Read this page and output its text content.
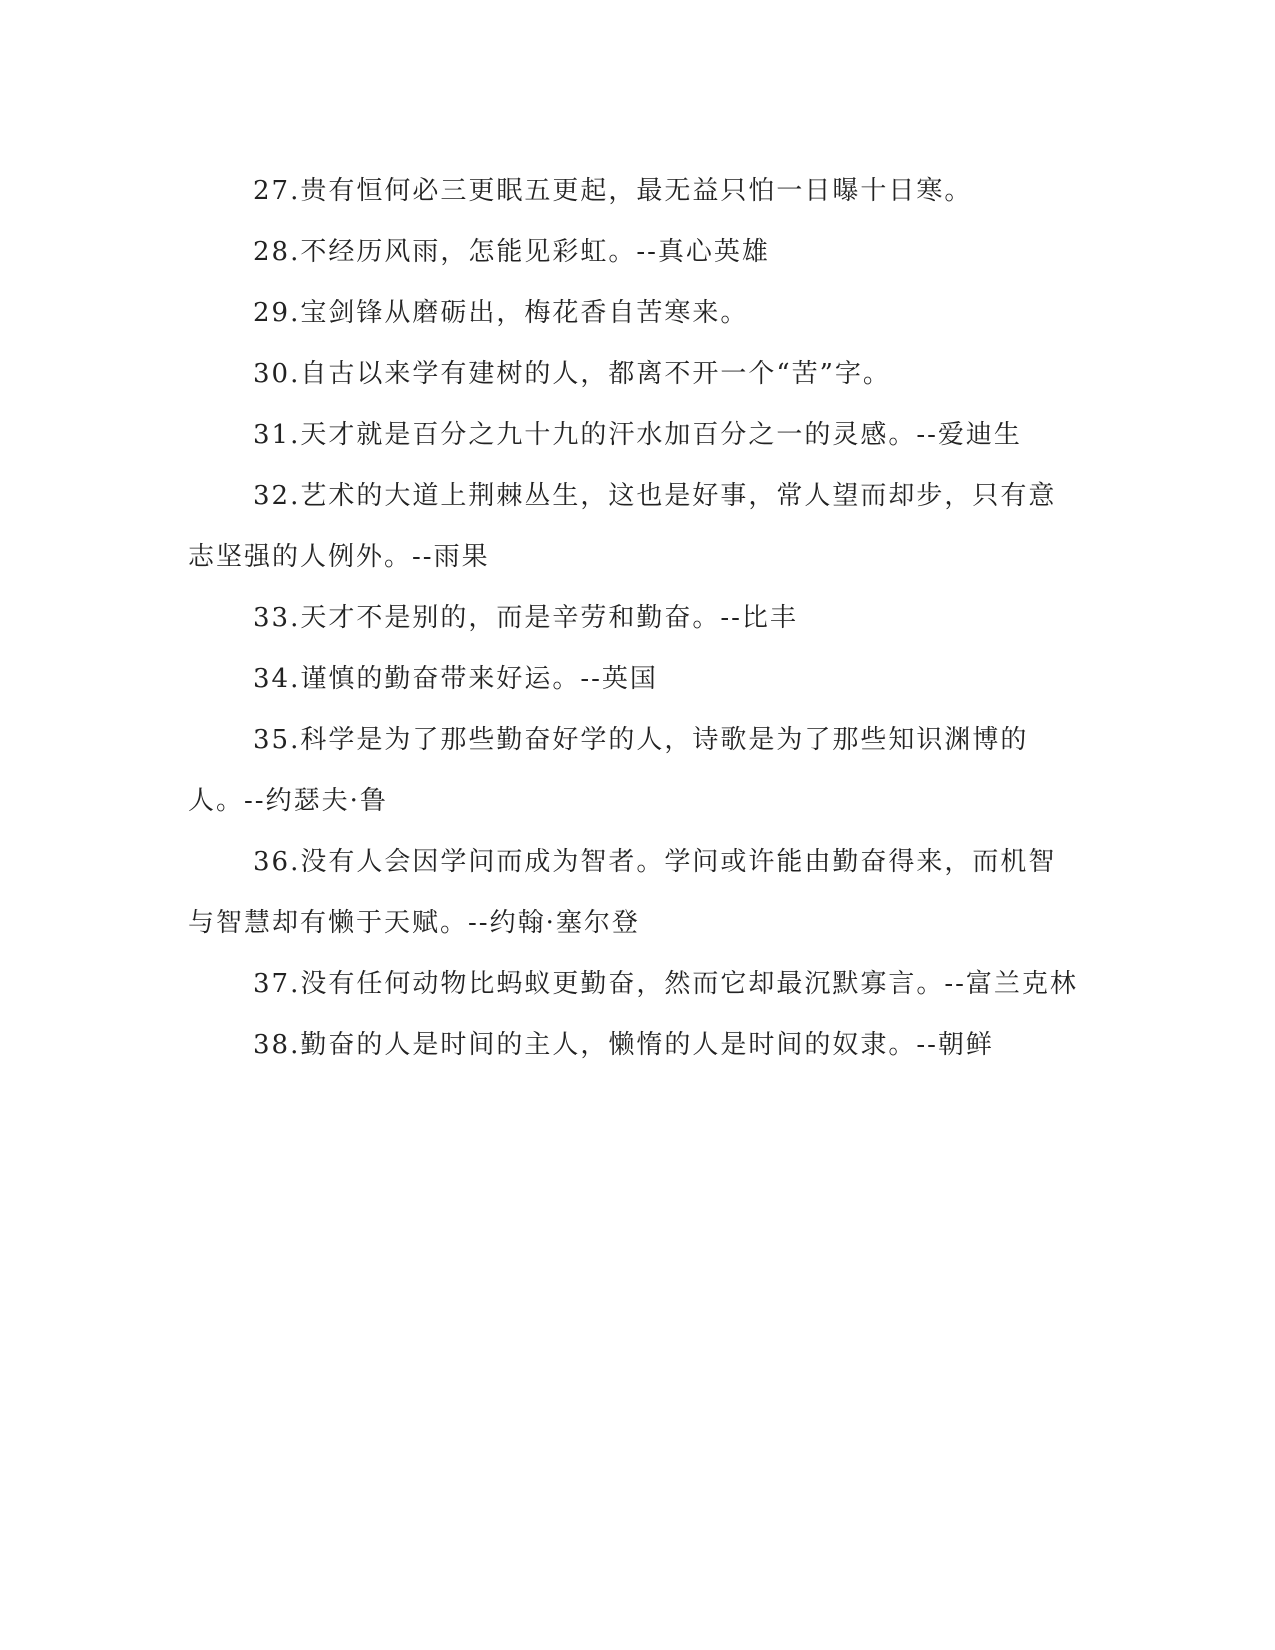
27.贵有恒何必三更眠五更起，最无益只怕一日曝十日寒。

28.不经历风雨，怎能见彩虹。--真心英雄

29.宝剑锋从磨砺出，梅花香自苦寒来。

30.自古以来学有建树的人，都离不开一个“苦”字。

31.天才就是百分之九十九的汗水加百分之一的灵感。--爱迪生

32.艺术的大道上荆棘丛生，这也是好事，常人望而却步，只有意志坚强的人例外。--雨果

33.天才不是别的，而是辛劳和勤奋。--比丰

34.谨慎的勤奋带来好运。--英国

35.科学是为了那些勤奋好学的人，诗歌是为了那些知识渊博的人。--约瑟夫·鲁

36.没有人会因学问而成为智者。学问或许能由勤奋得来，而机智与智慧却有懒于天赋。--约翰·塞尔登

37.没有任何动物比蚂蚁更勤奋，然而它却最沉默寡言。--富兰克林

38.勤奋的人是时间的主人，懒惰的人是时间的奴隶。--朝鲜
